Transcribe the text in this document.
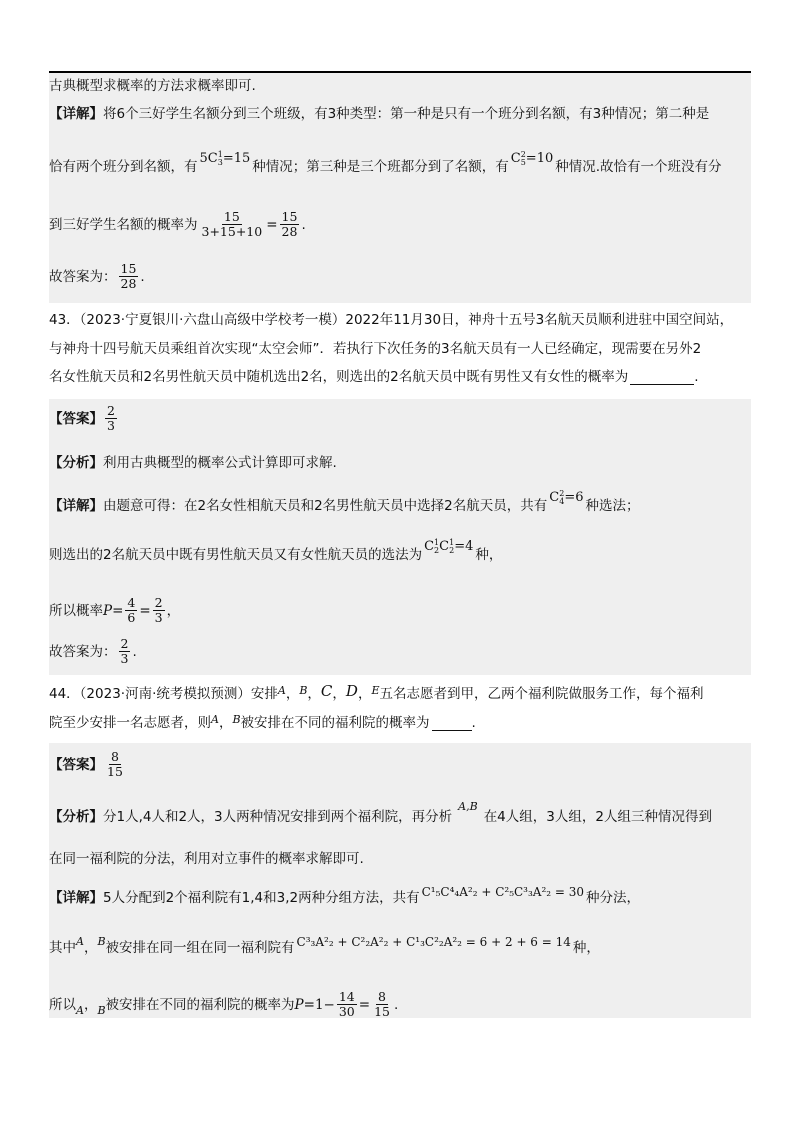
古典概型求概率的方法求概率即可.
【详解】 将6个三好学生名额分到三个班级，有3种类型：第一种是只有一个班分到名额，有3种情况；第二种是
恰有两个班分到名额，有
5C 1
3 =15
种情况；第三种是三个班都分到了名额，有
C 2
5 =10
种情况.故恰有一个班没有分
到三好学生名额的概率为 $\frac{15}{3+15+10} = \frac{15}{28}$ .
故答案为： $\frac{15}{28}$ .
43．（2023·宁夏银川·六盘山高级中学校考一模）2022年11月30日，神舟十五号3名航天员顺利进驻中国空间站，
与神舟十四号航天员乘组首次实现“太空会师”．若执行下次任务的3名航天员有一人已经确定，现需要在另外2
名女性航天员和2名男性航天员中随机选出2名，则选出的2名航天员中既有男性又有女性的概率为	.
【答案】 $\frac{2}{3}$
【分析】 利用古典概型的概率公式计算即可求解.
【详解】 由题意可得：在2名女性相航天员和2名男性航天员中选择2名航天员，共有
C 2
4 =6
种选法；
则选出的2名航天员中既有男性航天员又有女性航天员的选法为
C 1
2 C 1
2 =4
种，
所以概率 $P = \frac{4}{6} = \frac{2}{3}$ ，
故答案为： $\frac{2}{3}$ .
44．（2023·河南·统考模拟预测）安排 A ， B ， C ， D ， E 五名志愿者到甲，乙两个福利院做服务工作，每个福利
院至少安排一名志愿者，则 A ， B 被安排在不同的福利院的概率为	.
【答案】 $\frac{8}{15}$
【分析】 分1人,4人和2人，3人两种情况安排到两个福利院，再分析
A,B
在4人组，3人组，2人组三种情况得到
在同一福利院的分法，利用对立事件的概率求解即可.
【详解】 5人分配到2个福利院有1,4和3,2两种分组方法，共有 C¹₅C⁴₄A²₂ + C²₅C³₃A²₂ = 30 种分法，
其中 A ， B 被安排在同一组在同一福利院有 C³₃A²₂ + C²₂A²₂ + C¹₃C²₂A²₂ = 6 + 2 + 6 = 14 种，
所以 A ， B 被安排在不同的福利院的概率为 $P =1- \frac{14}{30} = \frac{8}{15}$ .
